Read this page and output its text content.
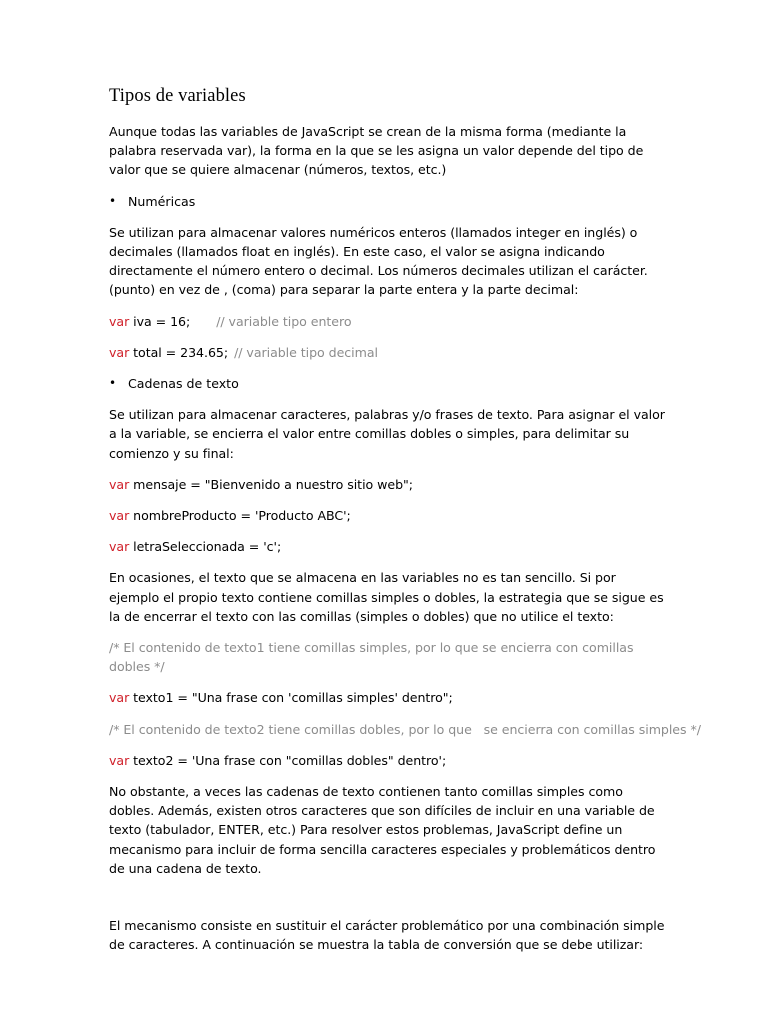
Tipos de variables

Aunque todas las variables de JavaScript se crean de la misma forma (mediante la palabra reservada var), la forma en la que se les asigna un valor depende del tipo de valor que se quiere almacenar (números, textos, etc.)

• Numéricas

Se utilizan para almacenar valores numéricos enteros (llamados integer en inglés) o decimales (llamados float en inglés). En este caso, el valor se asigna indicando directamente el número entero o decimal. Los números decimales utilizan el carácter. (punto) en vez de , (coma) para separar la parte entera y la parte decimal:

var iva = 16; // variable tipo entero
var total = 234.65; // variable tipo decimal
• Cadenas de texto

Se utilizan para almacenar caracteres, palabras y/o frases de texto. Para asignar el valor a la variable, se encierra el valor entre comillas dobles o simples, para delimitar su comienzo y su final:

var mensaje = "Bienvenido a nuestro sitio web";
var nombreProducto = 'Producto ABC';
var letraSeleccionada = 'c';

En ocasiones, el texto que se almacena en las variables no es tan sencillo. Si por ejemplo el propio texto contiene comillas simples o dobles, la estrategia que se sigue es la de encerrar el texto con las comillas (simples o dobles) que no utilice el texto:

/* El contenido de texto1 tiene comillas simples, por lo que se encierra con comillas dobles */
var texto1 = "Una frase con 'comillas simples' dentro";
/* El contenido de texto2 tiene comillas dobles, por lo que   se encierra con comillas simples */
var texto2 = 'Una frase con "comillas dobles" dentro';

No obstante, a veces las cadenas de texto contienen tanto comillas simples como dobles. Además, existen otros caracteres que son difíciles de incluir en una variable de texto (tabulador, ENTER, etc.) Para resolver estos problemas, JavaScript define un mecanismo para incluir de forma sencilla caracteres especiales y problemáticos dentro de una cadena de texto.

El mecanismo consiste en sustituir el carácter problemático por una combinación simple de caracteres. A continuación se muestra la tabla de conversión que se debe utilizar:
